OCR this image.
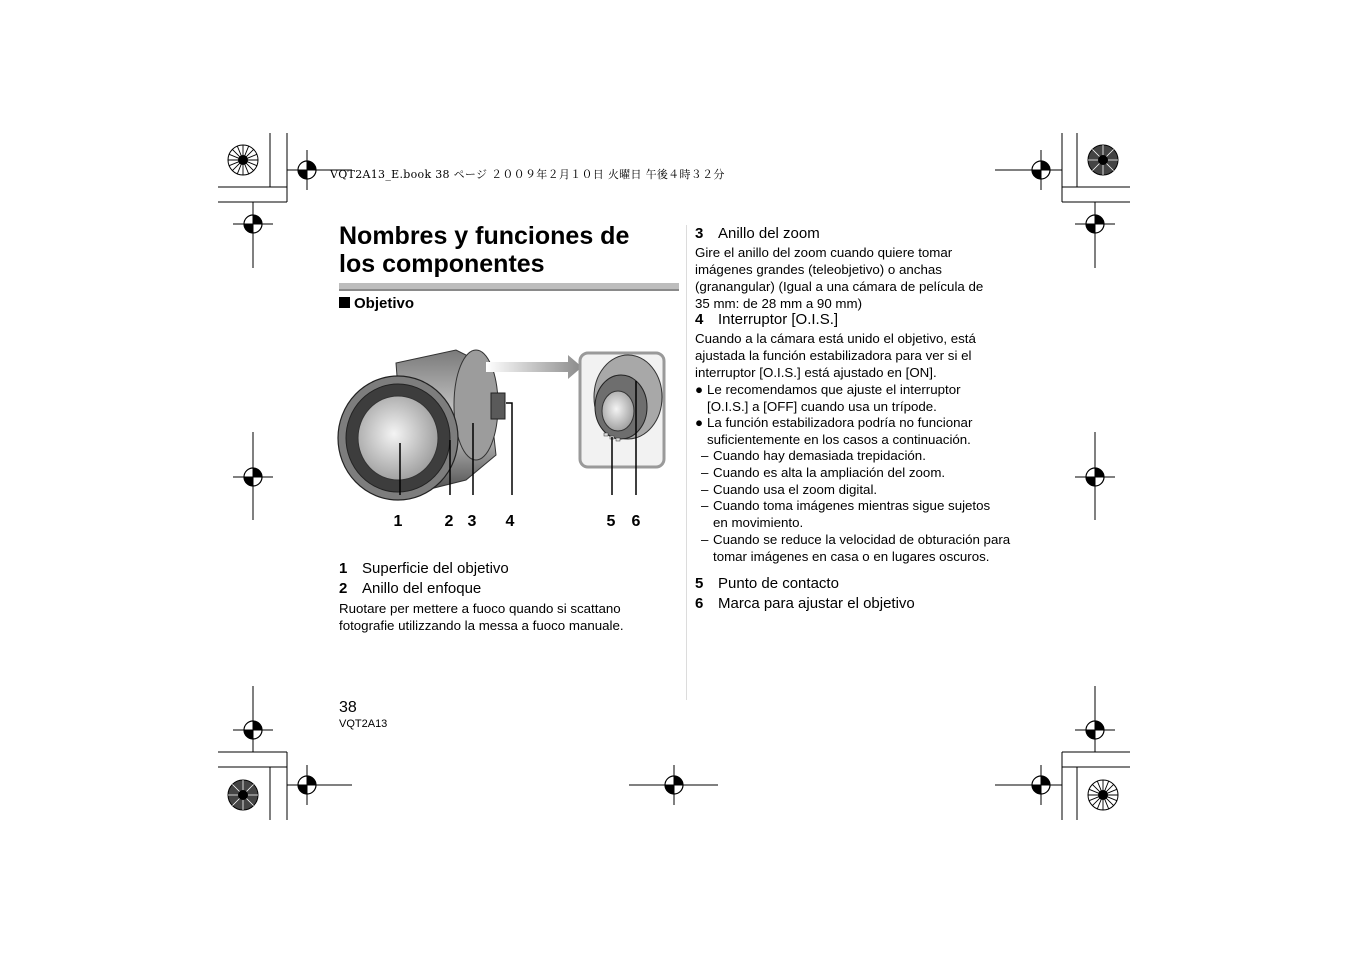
VQT2A13_E.book 38 ページ ２００９年２月１０日 火曜日 午後４時３２分
Nombres y funciones de
los componentes
Objetivo
1	2 3 4	5 6
1 Superficie del objetivo
2 Anillo del enfoque

Ruotare per mettere a fuoco quando si scattano

fotografie utilizzando la messa a fuoco manuale.

3 Anillo del zoom

Gire el anillo del zoom cuando quiere tomar

imágenes grandes (teleobjetivo) o anchas

(granangular) (Igual a una cámara de película de

35 mm: de 28 mm a 90 mm)

4 Interruptor [O.I.S.]

Cuando a la cámara está unido el objetivo, está

ajustada la función estabilizadora para ver si el

interruptor [O.I.S.] está ajustado en [ON].

● Le recomendamos que ajuste el interruptor
[O.I.S.] a [OFF] cuando usa un trípode.
● La función estabilizadora podría no funcionar
suficientemente en los casos a continuación.
– Cuando hay demasiada trepidación.
– Cuando es alta la ampliación del zoom.
– Cuando usa el zoom digital.
– Cuando toma imágenes mientras sigue sujetos
en movimiento.
– Cuando se reduce la velocidad de obturación para
tomar imágenes en casa o en lugares oscuros.
5 Punto de contacto
6 Marca para ajustar el objetivo
38
VQT2A13
